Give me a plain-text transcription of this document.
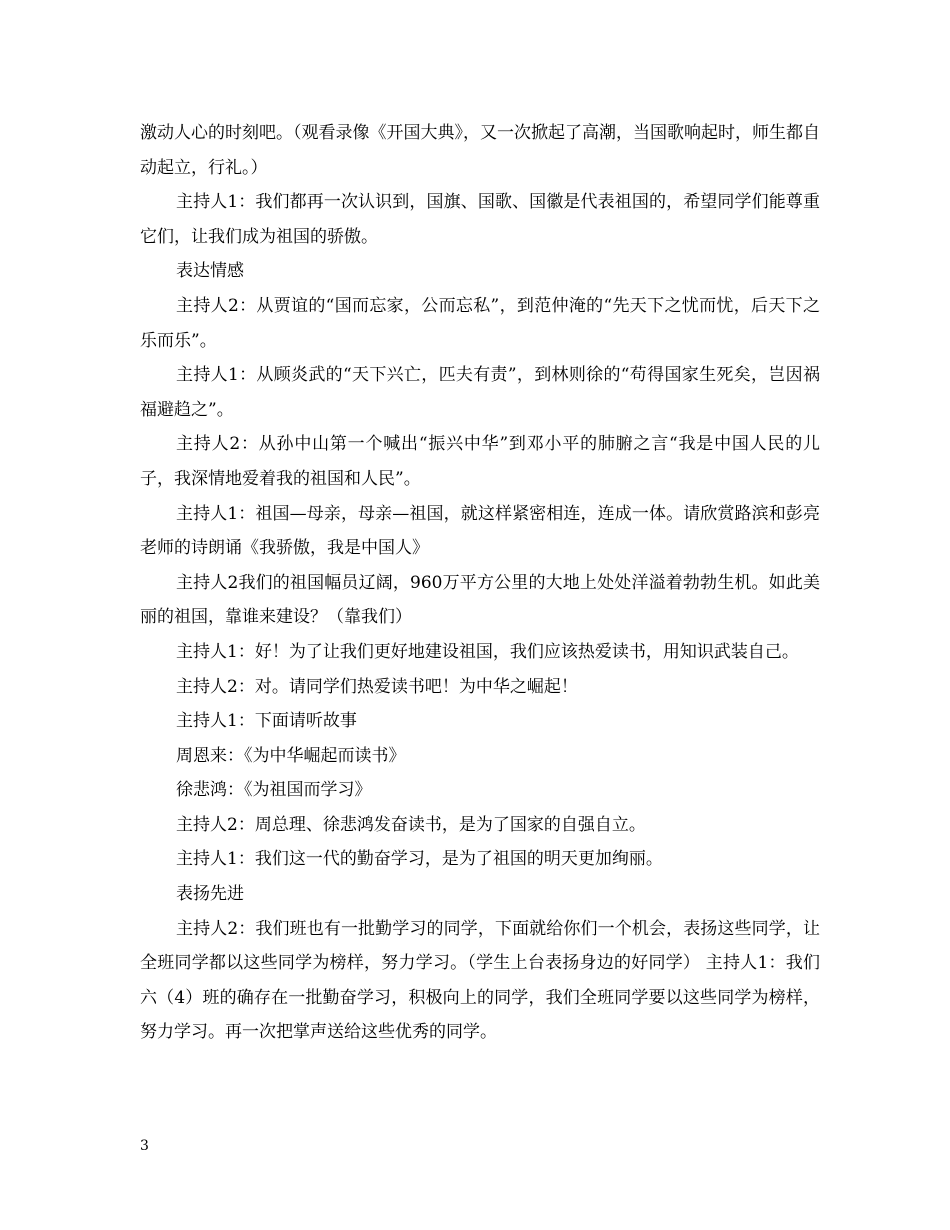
激动人心的时刻吧。（观看录像《开国大典》，又一次掀起了高潮，当国歌响起时，师生都自动起立，行礼。）

主持人1：我们都再一次认识到，国旗、国歌、国徽是代表祖国的，希望同学们能尊重它们，让我们成为祖国的骄傲。

表达情感

主持人2：从贾谊的“国而忘家，公而忘私”，到范仲淹的“先天下之忧而忧，后天下之乐而乐”。

主持人1：从顾炎武的“天下兴亡，匹夫有责”，到林则徐的“苟得国家生死矣，岂因祸福避趋之”。

主持人2：从孙中山第一个喊出“振兴中华”到邓小平的肺腑之言“我是中国人民的儿子，我深情地爱着我的祖国和人民”。

主持人1：祖国—母亲，母亲—祖国，就这样紧密相连，连成一体。请欣赏路滨和彭亮老师的诗朗诵《我骄傲，我是中国人》

主持人2我们的祖国幅员辽阔，960万平方公里的大地上处处洋溢着勃勃生机。如此美丽的祖国，靠谁来建设？（靠我们）

主持人1：好！为了让我们更好地建设祖国，我们应该热爱读书，用知识武装自己。

主持人2：对。请同学们热爱读书吧！为中华之崛起！

主持人1：下面请听故事

周恩来：《为中华崛起而读书》

徐悲鸿：《为祖国而学习》

主持人2：周总理、徐悲鸿发奋读书，是为了国家的自强自立。

主持人1：我们这一代的勤奋学习，是为了祖国的明天更加绚丽。

表扬先进

主持人2：我们班也有一批勤学习的同学，下面就给你们一个机会，表扬这些同学，让全班同学都以这些同学为榜样，努力学习。（学生上台表扬身边的好同学） 主持人1：我们六（4）班的确存在一批勤奋学习，积极向上的同学，我们全班同学要以这些同学为榜样，努力学习。再一次把掌声送给这些优秀的同学。

3
